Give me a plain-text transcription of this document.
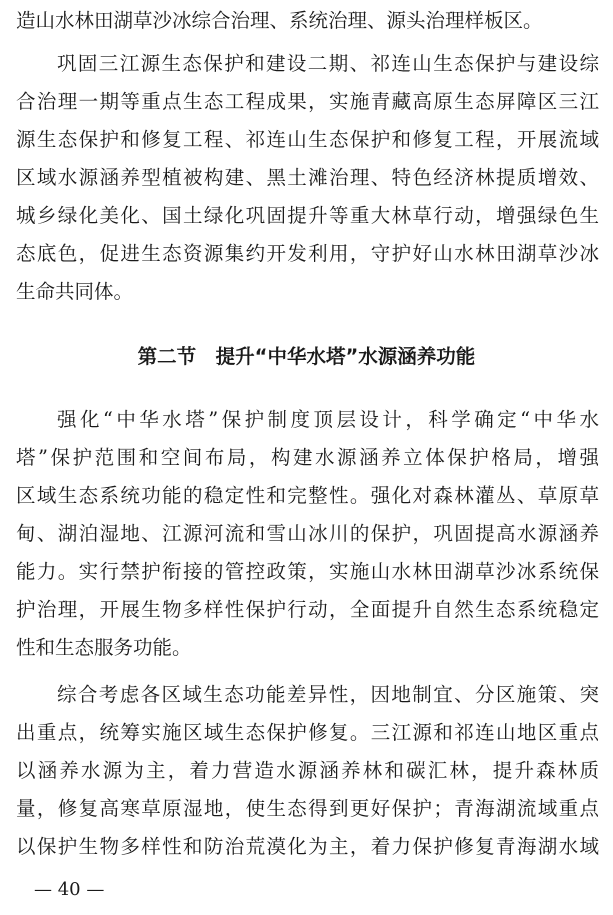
造山水林田湖草沙冰综合治理、系统治理、源头治理样板区。
巩固三江源生态保护和建设二期、祁连山生态保护与建设综
合治理一期等重点生态工程成果，实施青藏高原生态屏障区三江
源生态保护和修复工程、祁连山生态保护和修复工程，开展流域
区域水源涵养型植被构建、黑土滩治理、特色经济林提质增效、
城乡绿化美化、国土绿化巩固提升等重大林草行动，增强绿色生
态底色，促进生态资源集约开发利用，守护好山水林田湖草沙冰
生命共同体。
第二节　提升“中华水塔”水源涵养功能
强化“中华水塔”保护制度顶层设计，科学确定“中华水
塔”保护范围和空间布局，构建水源涵养立体保护格局，增强
区域生态系统功能的稳定性和完整性。强化对森林灌丛、草原草
甸、湖泊湿地、江源河流和雪山冰川的保护，巩固提高水源涵养
能力。实行禁护衔接的管控政策，实施山水林田湖草沙冰系统保
护治理，开展生物多样性保护行动，全面提升自然生态系统稳定
性和生态服务功能。
综合考虑各区域生态功能差异性，因地制宜、分区施策、突
出重点，统筹实施区域生态保护修复。三江源和祁连山地区重点
以涵养水源为主，着力营造水源涵养林和碳汇林，提升森林质
量，修复高寒草原湿地，使生态得到更好保护；青海湖流域重点
以保护生物多样性和防治荒漠化为主，着力保护修复青海湖水域
— 40 —
